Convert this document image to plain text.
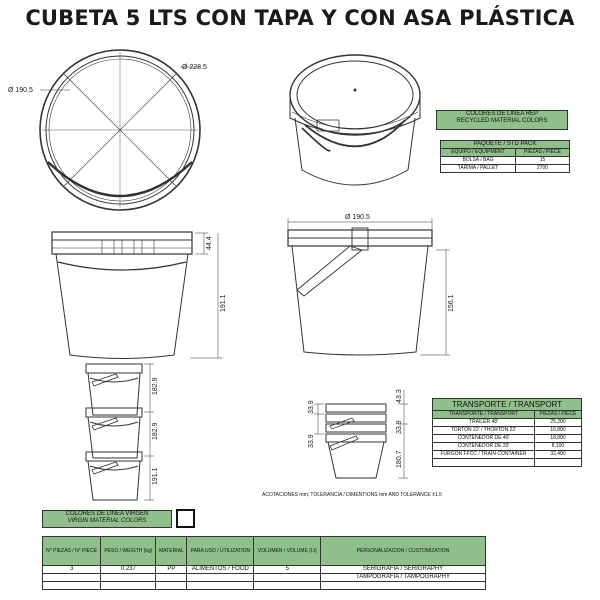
CUBETA 5 LTS CON TAPA Y CON ASA PLÁSTICA
Ø 190.5
Ø 228.5
Ø 190.5
44.4
191.1	156.1
182.9
182.9
191.1
33.9
43.3
33.9
33.9
180.7
COLORES DE LINEA REP
RECYCLED MATERIAL COLORS
PAQUETE / STD PACK	
EQUIPO / EQUIPMENT	PIEZAS / PIECE
BOLSA / BAG	15
TARIMA / PALLET	2700
TRANSPORTE / TRANSPORT	
TRANSPORTE / TRANSPORT	PIEZAS / PIECE
TRAILER 48'	25,200
TORTON 22' / THORTON 22'	10,800
CONTENEDOR DE 40'	18,800
CONTENEDOR DE 20'	8,100
FURGON FFCC / TRAIN CONTAINER	32,400

ACOTACIONES mm; TOLERANCIA / DIMENTIONS mm AND TOLERANCE ±1.5
COLORES DE LINEA VIRGEN
VIRGIN MATERIAL COLORS
N° PIEZAS / N° PIECE	PESO / WEIGTH (kg)	MATERIAL	PARA USO / UTILIZATION	VOLUMEN / VOLUME (Lt)	PERSONALIZACION / CUSTOMIZATION
3	0.237	PP	ALIMENTOS / FOOD	5	SERIGRAFIA / SERIGRAPHY
					TAMPOGRAFIA / TAMPOGRAPHY
